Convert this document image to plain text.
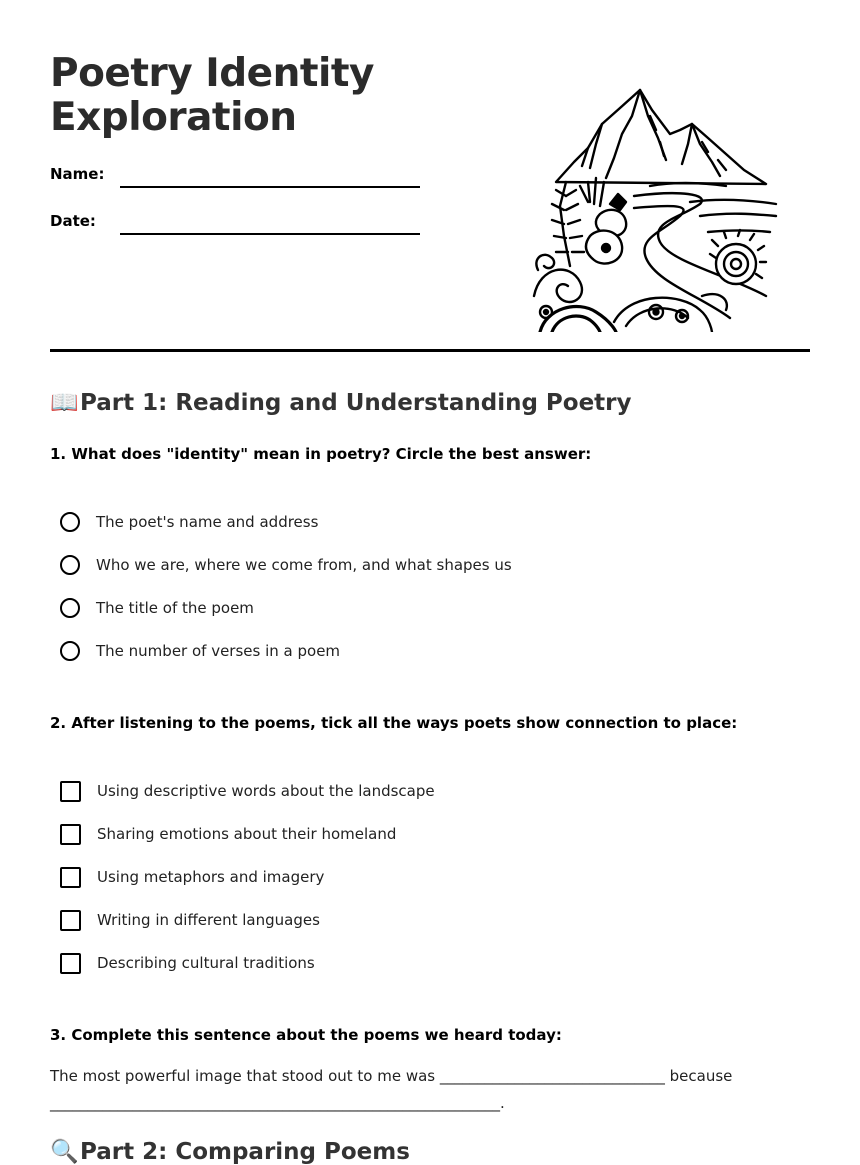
Poetry Identity
Exploration
Name:
Date:
📖Part 1: Reading and Understanding Poetry
1. What does "identity" mean in poetry? Circle the best answer:
The poet's name and address
Who we are, where we come from, and what shapes us
The title of the poem
The number of verses in a poem
2. After listening to the poems, tick all the ways poets show connection to place:
Using descriptive words about the landscape
Sharing emotions about their homeland
Using metaphors and imagery
Writing in different languages
Describing cultural traditions
3. Complete this sentence about the poems we heard today:
The most powerful image that stood out to me was ______________________________ because
____________________________________________________________.
🔍Part 2: Comparing Poems
